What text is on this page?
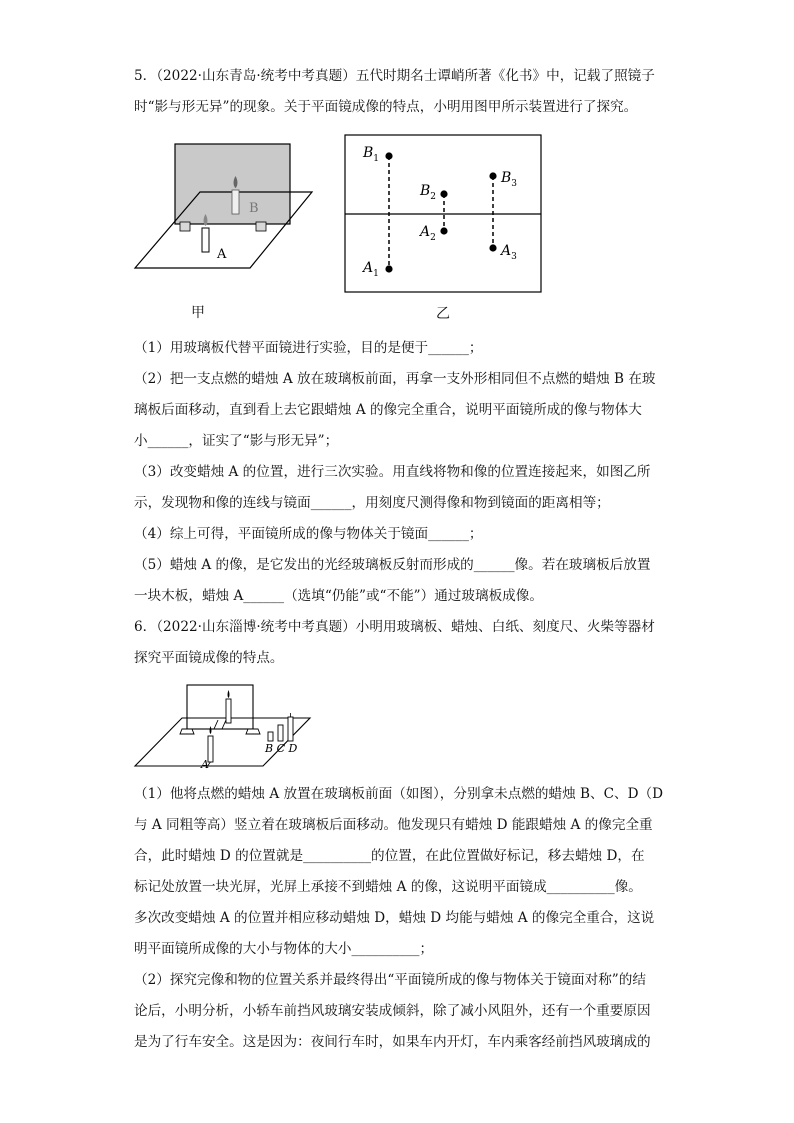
5．（2022·山东青岛·统考中考真题）五代时期名士谭峭所著《化书》中，记载了照镜子
时“影与形无异”的现象。关于平面镜成像的特点，小明用图甲所示装置进行了探究。
B
A
甲
$B_1$
$A_1$
$B_2$
$A_2$
$B_3$
$A_3$
乙
（1）用玻璃板代替平面镜进行实验，目的是便于______；
（2）把一支点燃的蜡烛 A 放在玻璃板前面，再拿一支外形相同但不点燃的蜡烛 B 在玻
璃板后面移动，直到看上去它跟蜡烛 A 的像完全重合，说明平面镜所成的像与物体大
小______，证实了“影与形无异”；
（3）改变蜡烛 A 的位置，进行三次实验。用直线将物和像的位置连接起来，如图乙所
示，发现物和像的连线与镜面______，用刻度尺测得像和物到镜面的距离相等；
（4）综上可得，平面镜所成的像与物体关于镜面______；
（5）蜡烛 A 的像，是它发出的光经玻璃板反射而形成的______像。若在玻璃板后放置
一块木板，蜡烛 A______（选填“仍能”或“不能”）通过玻璃板成像。
6．（2022·山东淄博·统考中考真题）小明用玻璃板、蜡烛、白纸、刻度尺、火柴等器材
探究平面镜成像的特点。
A
B C D
（1）他将点燃的蜡烛 A 放置在玻璃板前面（如图），分别拿未点燃的蜡烛 B、C、D（D
与 A 同粗等高）竖立着在玻璃板后面移动。他发现只有蜡烛 D 能跟蜡烛 A 的像完全重
合，此时蜡烛 D 的位置就是__________的位置，在此位置做好标记，移去蜡烛 D，在
标记处放置一块光屏，光屏上承接不到蜡烛 A 的像，这说明平面镜成__________像。
多次改变蜡烛 A 的位置并相应移动蜡烛 D，蜡烛 D 均能与蜡烛 A 的像完全重合，这说
明平面镜所成像的大小与物体的大小__________；
（2）探究完像和物的位置关系并最终得出“平面镜所成的像与物体关于镜面对称”的结
论后，小明分析，小轿车前挡风玻璃安装成倾斜，除了减小风阻外，还有一个重要原因
是为了行车安全。这是因为：夜间行车时，如果车内开灯，车内乘客经前挡风玻璃成的
